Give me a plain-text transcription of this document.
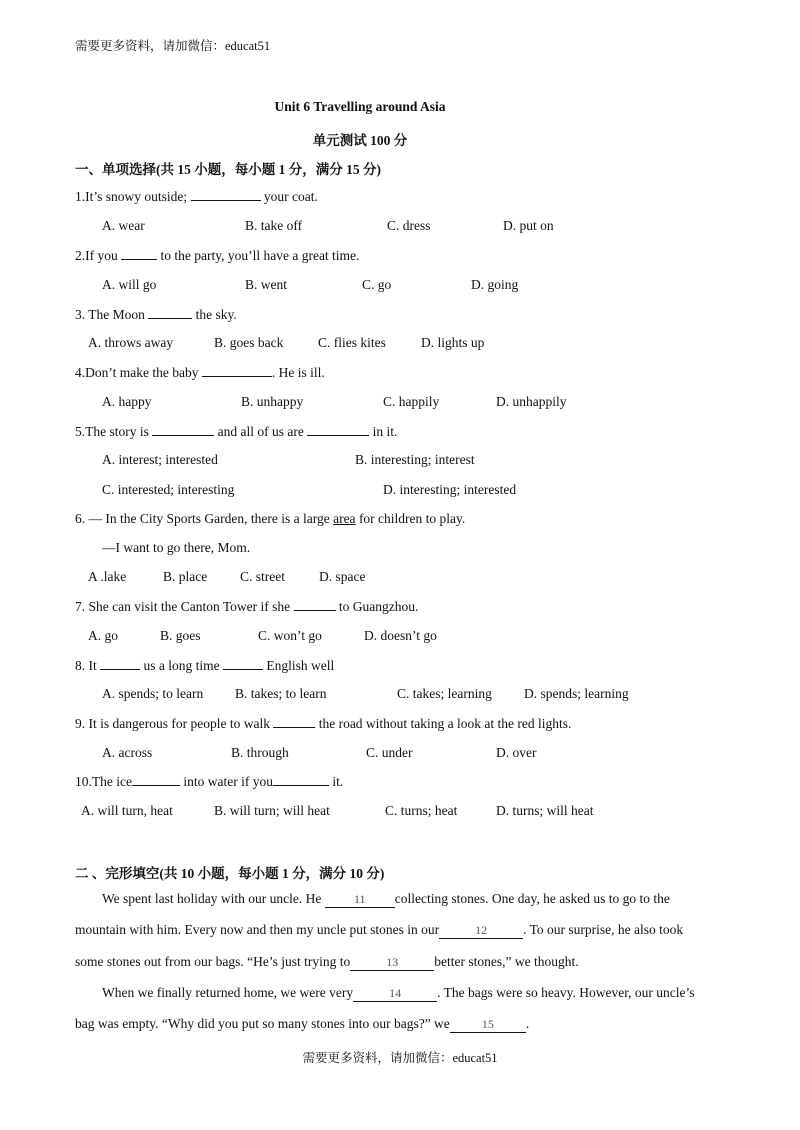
需要更多资料，请加微信：educat51
Unit 6 Travelling around Asia
单元测试 100 分
一、单项选择(共 15 小题，每小题 1 分，满分 15 分)
1.It’s snowy outside;	your coat.
A. wear	B. take off	C. dress	D. put on
2.If you	to the party, you’ll have a great time.
A. will go	B. went	C. go	D. going
3. The Moon	the sky.
A. throws away	B. goes back	C. flies kites	D. lights up
4.Don’t make the baby	. He is ill.
A. happy	B. unhappy	C. happily	D. unhappily
5.The story is	and all of us are	in it.
A. interest; interested	B. interesting; interest
C. interested; interesting	D. interesting; interested
6. — In the City Sports Garden, there is a large area for children to play.
—I want to go there, Mom.
A .lake	B. place C. street	D. space
7. She can visit the Canton Tower if she	to Guangzhou.
A. go	B. goes	C. won’t go	D. doesn’t go
8. It	us a long time	English well
A. spends; to learn B. takes; to learn	C. takes; learning D. spends; learning
9. It is dangerous for people to walk	the road without taking a look at the red lights.
A. across	B. through	C. under	D. over
10.The ice	into water if you	it.
A. will turn, heat	B. will turn; will heat	C. turns; heat	D. turns; will heat
二 、完形填空(共 10 小题，每小题 1 分，满分 10 分)
We spent last holiday with our uncle. He	11 collecting stones. One day, he asked us to go to the
mountain with him. Every now and then my uncle put stones in our	12	. To our surprise, he also took
some stones out from our bags. “He’s just trying to	13	better stones,” we thought.
When we finally returned home, we were very	14	. The bags were so heavy. However, our uncle’s
bag was empty. “Why did you put so many stones into our bags?” we	15 .
需要更多资料，请加微信：educat51
